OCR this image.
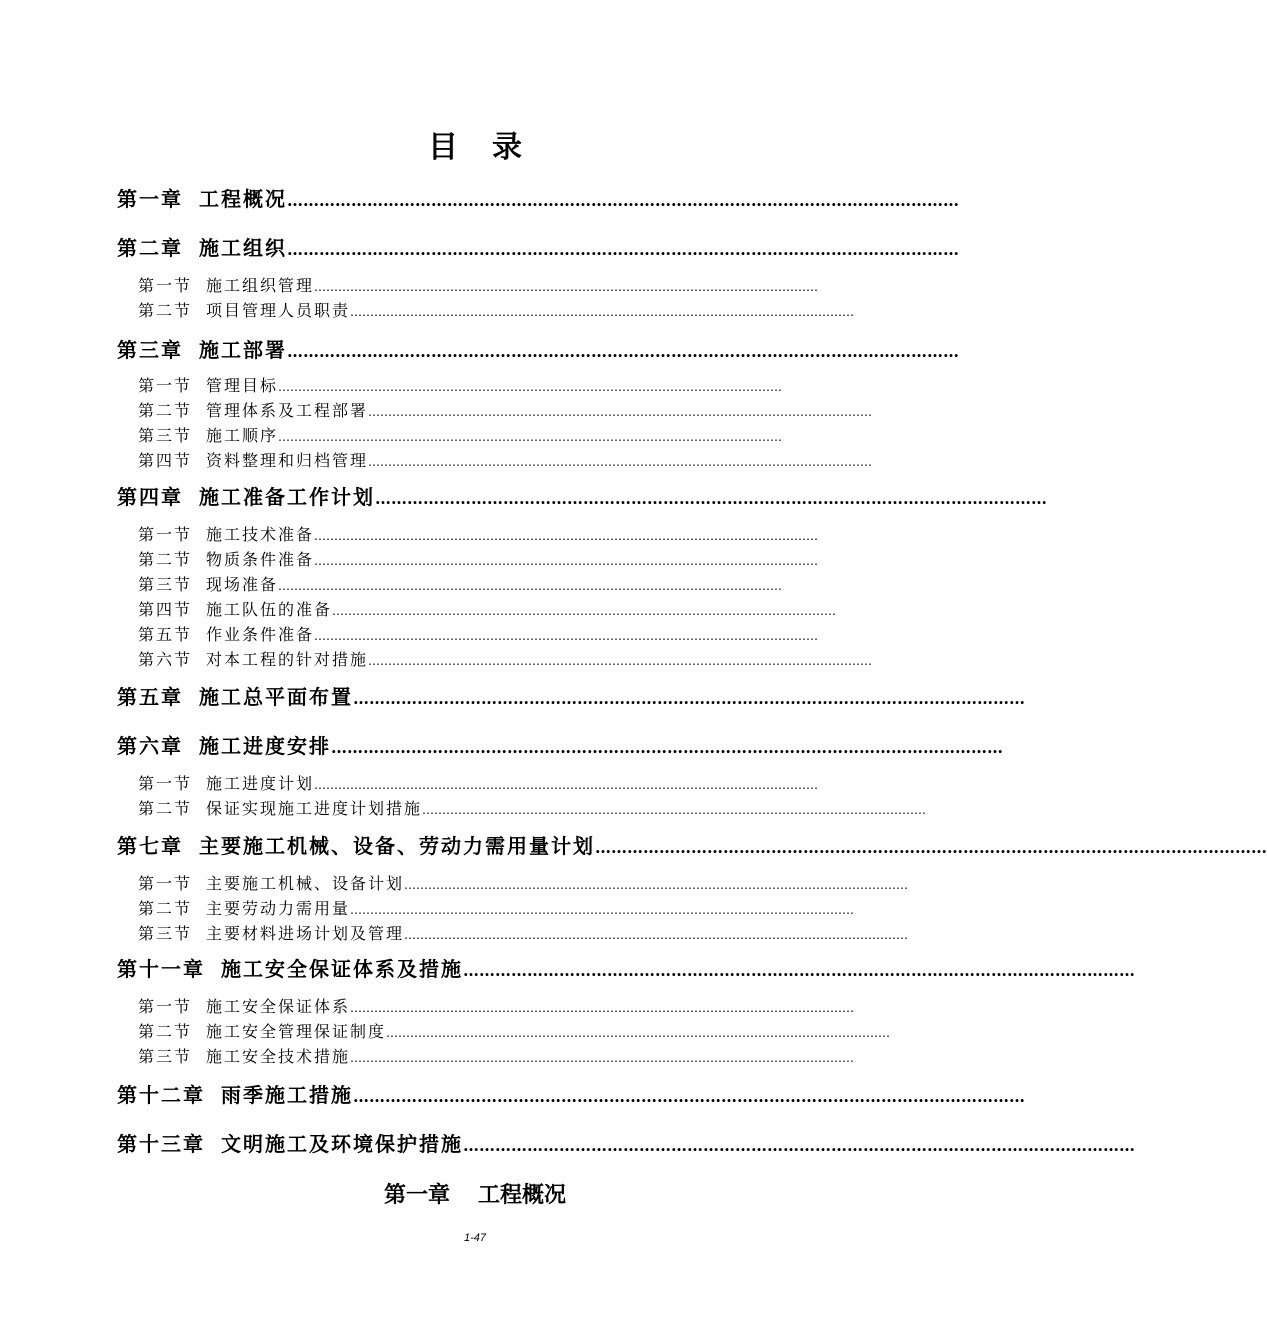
目录
第一章 工程概况 ………………………………………………………………………………………………………………
第二章 施工组织 ………………………………………………………………………………………………………………
第一节 施工组织管理 ………………………………………………………………………………………………………………
第二节 项目管理人员职责 ………………………………………………………………………………………………………………
第三章 施工部署 ………………………………………………………………………………………………………………
第一节 管理目标 ………………………………………………………………………………………………………………
第二节 管理体系及工程部署 ………………………………………………………………………………………………………………
第三节 施工顺序 ………………………………………………………………………………………………………………
第四节 资料整理和归档管理 ………………………………………………………………………………………………………………
第四章 施工准备工作计划 ………………………………………………………………………………………………………………
第一节 施工技术准备 ………………………………………………………………………………………………………………
第二节 物质条件准备 ………………………………………………………………………………………………………………
第三节 现场准备 ………………………………………………………………………………………………………………
第四节 施工队伍的准备 ………………………………………………………………………………………………………………
第五节 作业条件准备 ………………………………………………………………………………………………………………
第六节 对本工程的针对措施 ………………………………………………………………………………………………………………
第五章 施工总平面布置 ………………………………………………………………………………………………………………
第六章 施工进度安排 ………………………………………………………………………………………………………………
第一节 施工进度计划 ………………………………………………………………………………………………………………
第二节 保证实现施工进度计划措施 ………………………………………………………………………………………………………………
第七章 主要施工机械、设备、劳动力需用量计划 ………………………………………………………………………………………………………………
第一节 主要施工机械、设备计划 ………………………………………………………………………………………………………………
第二节 主要劳动力需用量 ………………………………………………………………………………………………………………
第三节 主要材料进场计划及管理 ………………………………………………………………………………………………………………
第十一章 施工安全保证体系及措施 ………………………………………………………………………………………………………………
第一节 施工安全保证体系 ………………………………………………………………………………………………………………
第二节 施工安全管理保证制度 ………………………………………………………………………………………………………………
第三节 施工安全技术措施 ………………………………………………………………………………………………………………
第十二章 雨季施工措施 ………………………………………………………………………………………………………………
第十三章 文明施工及环境保护措施 ………………………………………………………………………………………………………………
第一章 工程概况
1-47
